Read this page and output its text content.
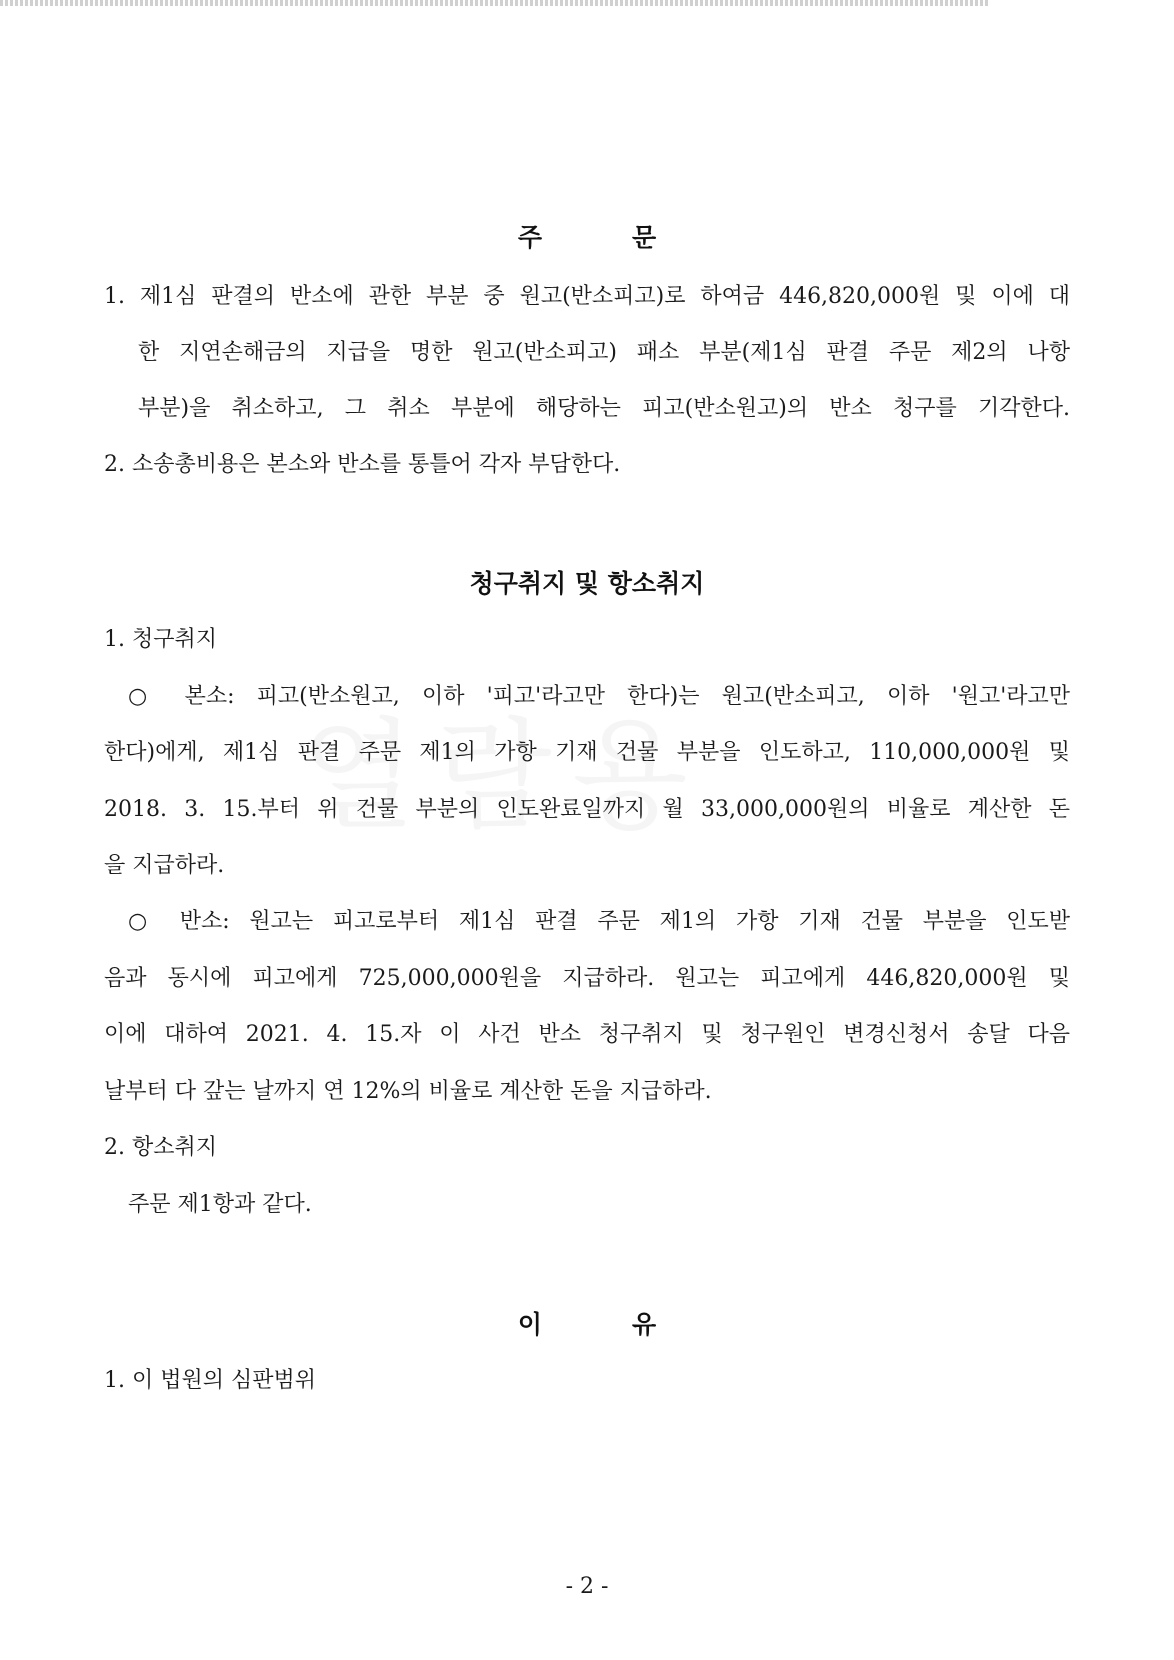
주	문
1. 제1심 판결의 반소에 관한 부분 중 원고(반소피고)로 하여금 446,820,000원 및 이에 대
한 지연손해금의 지급을 명한 원고(반소피고) 패소 부분(제1심 판결 주문 제2의 나항
부분)을 취소하고, 그 취소 부분에 해당하는 피고(반소원고)의 반소 청구를 기각한다.
2. 소송총비용은 본소와 반소를 통틀어 각자 부담한다.
청구취지 및 항소취지
1. 청구취지
○ 본소: 피고(반소원고, 이하 '피고'라고만 한다)는 원고(반소피고, 이하 '원고'라고만
한다)에게, 제1심 판결 주문 제1의 가항 기재 건물 부분을 인도하고, 110,000,000원 및
2018. 3. 15.부터 위 건물 부분의 인도완료일까지 월 33,000,000원의 비율로 계산한 돈
을 지급하라.
○ 반소: 원고는 피고로부터 제1심 판결 주문 제1의 가항 기재 건물 부분을 인도받
음과 동시에 피고에게 725,000,000원을 지급하라. 원고는 피고에게 446,820,000원 및
이에 대하여 2021. 4. 15.자 이 사건 반소 청구취지 및 청구원인 변경신청서 송달 다음
날부터 다 갚는 날까지 연 12%의 비율로 계산한 돈을 지급하라.
2. 항소취지
주문 제1항과 같다.
이	유
1. 이 법원의 심판범위
- 2 -
